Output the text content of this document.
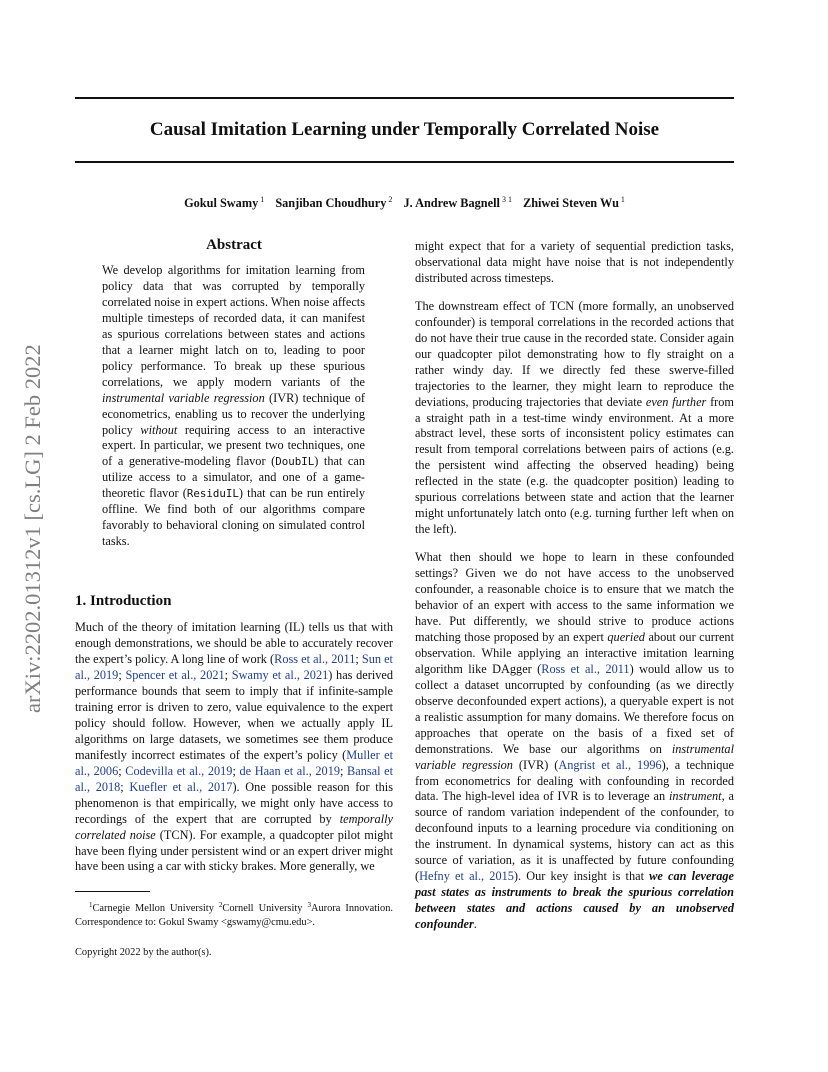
Causal Imitation Learning under Temporally Correlated Noise
Gokul Swamy $^1$ Sanjiban Choudhury $^2$ J. Andrew Bagnell $^{3 1}$ Zhiwei Steven Wu $^1$
arXiv:2202.01312v1 [cs.LG] 2 Feb 2022
Abstract

We develop algorithms for imitation learning from policy data that was corrupted by temporally correlated noise in expert actions. When noise affects multiple timesteps of recorded data, it can manifest as spurious correlations between states and actions that a learner might latch on to, leading to poor policy performance. To break up these spurious correlations, we apply modern variants of the instrumental variable regression (IVR) technique of econometrics, enabling us to recover the underlying policy without requiring access to an interactive expert. In particular, we present two techniques, one of a generative-modeling flavor (DoubIL) that can utilize access to a simulator, and one of a game-theoretic flavor (ResiduIL) that can be run entirely offline. We find both of our algorithms compare favorably to behavioral cloning on simulated control tasks.

1. Introduction

Much of the theory of imitation learning (IL) tells us that with enough demonstrations, we should be able to accurately recover the expert’s policy. A long line of work (Ross et al., 2011; Sun et al., 2019; Spencer et al., 2021; Swamy et al., 2021) has derived performance bounds that seem to imply that if infinite-sample training error is driven to zero, value equivalence to the expert policy should follow. However, when we actually apply IL algorithms on large datasets, we sometimes see them produce manifestly incorrect estimates of the expert’s policy (Muller et al., 2006; Codevilla et al., 2019; de Haan et al., 2019; Bansal et al., 2018; Kuefler et al., 2017). One possible reason for this phenomenon is that empirically, we might only have access to recordings of the expert that are corrupted by temporally correlated noise (TCN). For example, a quadcopter pilot might have been flying under persistent wind or an expert driver might have been using a car with sticky brakes. More generally, we

$^1$Carnegie Mellon University $^2$Cornell University $^3$Aurora Innovation. Correspondence to: Gokul Swamy <gswamy@cmu.edu>.

Copyright 2022 by the author(s).

might expect that for a variety of sequential prediction tasks, observational data might have noise that is not independently distributed across timesteps.

The downstream effect of TCN (more formally, an unobserved confounder) is temporal correlations in the recorded actions that do not have their true cause in the recorded state. Consider again our quadcopter pilot demonstrating how to fly straight on a rather windy day. If we directly fed these swerve-filled trajectories to the learner, they might learn to reproduce the deviations, producing trajectories that deviate even further from a straight path in a test-time windy environment. At a more abstract level, these sorts of inconsistent policy estimates can result from temporal correlations between pairs of actions (e.g. the persistent wind affecting the observed heading) being reflected in the state (e.g. the quadcopter position) leading to spurious correlations between state and action that the learner might unfortunately latch onto (e.g. turning further left when on the left).

What then should we hope to learn in these confounded settings? Given we do not have access to the unobserved confounder, a reasonable choice is to ensure that we match the behavior of an expert with access to the same information we have. Put differently, we should strive to produce actions matching those proposed by an expert queried about our current observation. While applying an interactive imitation learning algorithm like DAgger (Ross et al., 2011) would allow us to collect a dataset uncorrupted by confounding (as we directly observe deconfounded expert actions), a queryable expert is not a realistic assumption for many domains. We therefore focus on approaches that operate on the basis of a fixed set of demonstrations. We base our algorithms on instrumental variable regression (IVR) (Angrist et al., 1996), a technique from econometrics for dealing with confounding in recorded data. The high-level idea of IVR is to leverage an instrument, a source of random variation independent of the confounder, to deconfound inputs to a learning procedure via conditioning on the instrument. In dynamical systems, history can act as this source of variation, as it is unaffected by future confounding (Hefny et al., 2015). Our key insight is that we can leverage past states as instruments to break the spurious correlation between states and actions caused by an unobserved confounder.
